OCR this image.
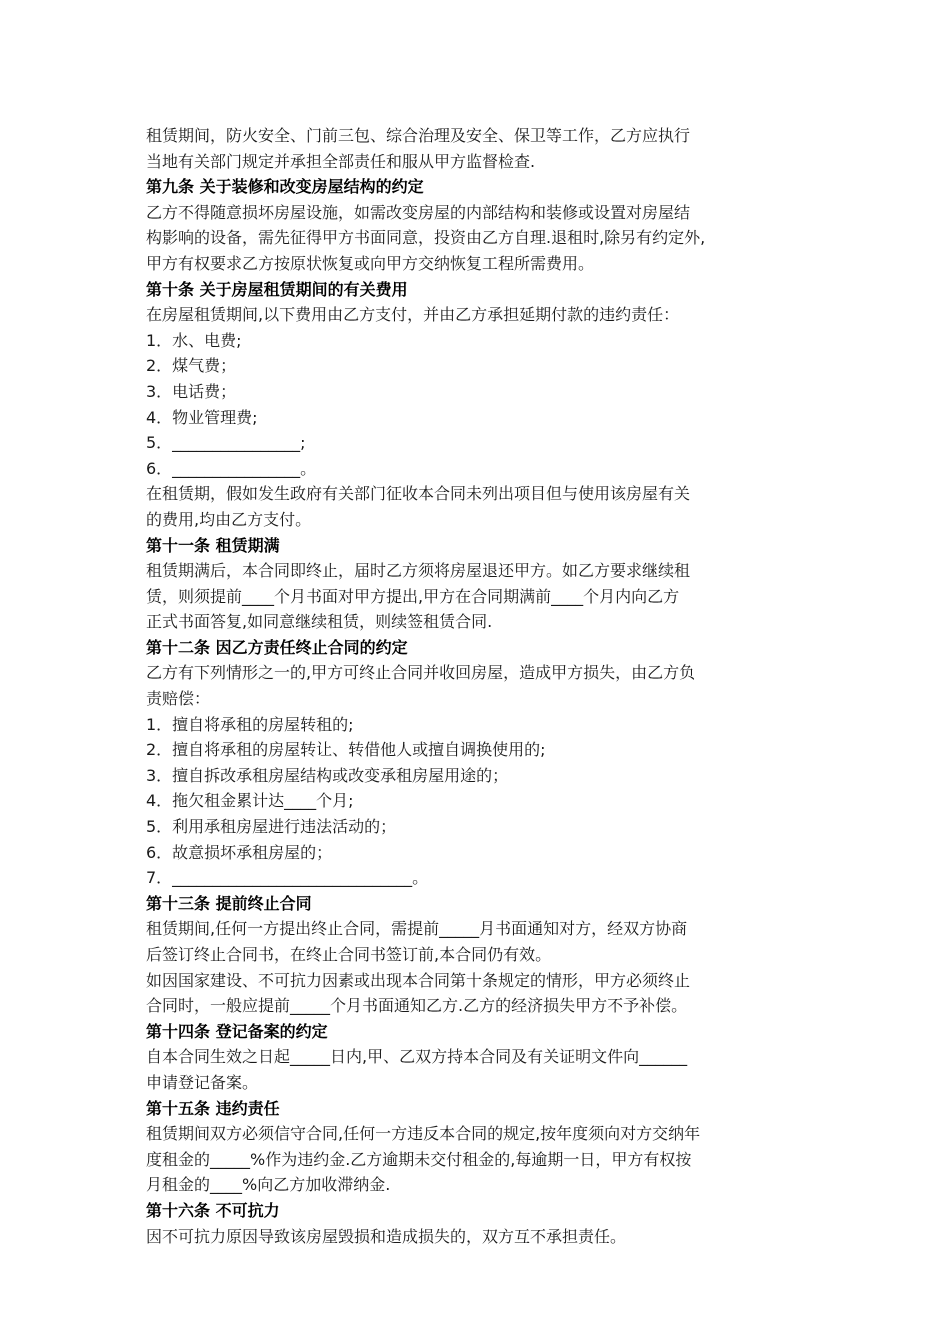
租赁期间，防火安全、门前三包、综合治理及安全、保卫等工作，乙方应执行
当地有关部门规定并承担全部责任和服从甲方监督检查.
第九条 关于装修和改变房屋结构的约定
乙方不得随意损坏房屋设施，如需改变房屋的内部结构和装修或设置对房屋结
构影响的设备，需先征得甲方书面同意，投资由乙方自理.退租时,除另有约定外,
甲方有权要求乙方按原状恢复或向甲方交纳恢复工程所需费用。
第十条 关于房屋租赁期间的有关费用
在房屋租赁期间,以下费用由乙方支付，并由乙方承担延期付款的违约责任：
1．水、电费;
2．煤气费；
3．电话费；
4．物业管理费;
5．________________;
6．________________。
在租赁期，假如发生政府有关部门征收本合同未列出项目但与使用该房屋有关
的费用,均由乙方支付。
第十一条 租赁期满
租赁期满后，本合同即终止，届时乙方须将房屋退还甲方。如乙方要求继续租
赁，则须提前____个月书面对甲方提出,甲方在合同期满前____个月内向乙方
正式书面答复,如同意继续租赁，则续签租赁合同.
第十二条 因乙方责任终止合同的约定
乙方有下列情形之一的,甲方可终止合同并收回房屋，造成甲方损失，由乙方负
责赔偿：
1．擅自将承租的房屋转租的;
2．擅自将承租的房屋转让、转借他人或擅自调换使用的;
3．擅自拆改承租房屋结构或改变承租房屋用途的；
4．拖欠租金累计达____个月;
5．利用承租房屋进行违法活动的；
6．故意损坏承租房屋的；
7．______________________________。
第十三条 提前终止合同
租赁期间,任何一方提出终止合同，需提前_____月书面通知对方，经双方协商
后签订终止合同书，在终止合同书签订前,本合同仍有效。
如因国家建设、不可抗力因素或出现本合同第十条规定的情形，甲方必须终止
合同时，一般应提前_____个月书面通知乙方.乙方的经济损失甲方不予补偿。
第十四条 登记备案的约定
自本合同生效之日起_____日内,甲、乙双方持本合同及有关证明文件向______
申请登记备案。
第十五条 违约责任
租赁期间双方必须信守合同,任何一方违反本合同的规定,按年度须向对方交纳年
度租金的_____%作为违约金.乙方逾期未交付租金的,每逾期一日，甲方有权按
月租金的____%向乙方加收滞纳金.
第十六条 不可抗力
因不可抗力原因导致该房屋毁损和造成损失的，双方互不承担责任。
